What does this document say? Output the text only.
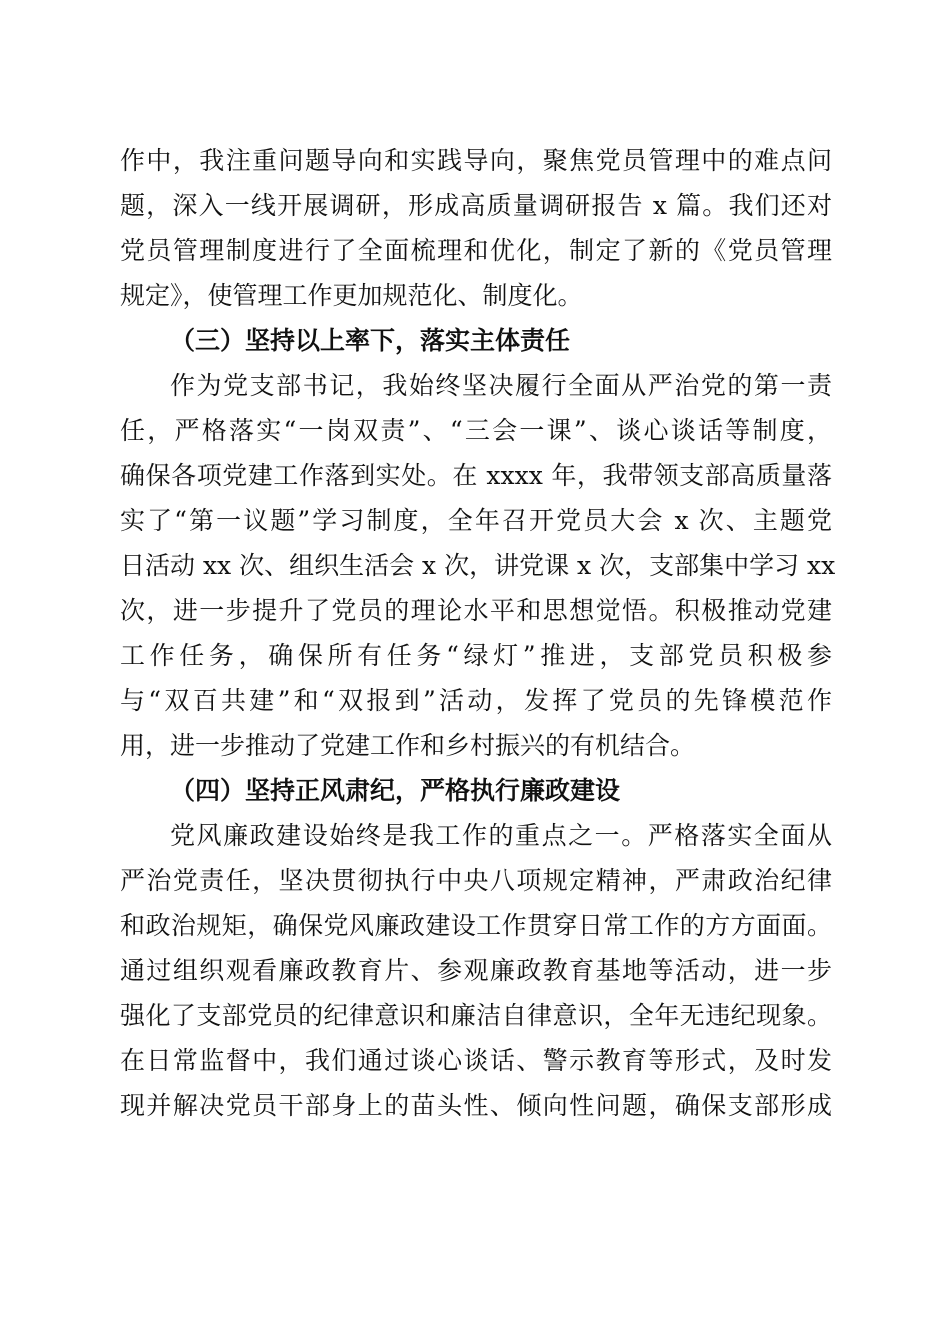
作中，我注重问题导向和实践导向，聚焦党员管理中的难点问
题，深入一线开展调研，形成高质量调研报告 x 篇。我们还对
党员管理制度进行了全面梳理和优化，制定了新的《党员管理
规定》，使管理工作更加规范化、制度化。
（三）坚持以上率下，落实主体责任
作为党支部书记，我始终坚决履行全面从严治党的第一责
任，严格落实“一岗双责”、“三会一课”、谈心谈话等制度，
确保各项党建工作落到实处。在 xxxx 年，我带领支部高质量落
实了“第一议题”学习制度，全年召开党员大会 x 次、主题党
日活动 xx 次、组织生活会 x 次，讲党课 x 次，支部集中学习 xx
次，进一步提升了党员的理论水平和思想觉悟。积极推动党建
工作任务，确保所有任务“绿灯”推进，支部党员积极参
与“双百共建”和“双报到”活动，发挥了党员的先锋模范作
用，进一步推动了党建工作和乡村振兴的有机结合。
（四）坚持正风肃纪，严格执行廉政建设
党风廉政建设始终是我工作的重点之一。严格落实全面从
严治党责任，坚决贯彻执行中央八项规定精神，严肃政治纪律
和政治规矩，确保党风廉政建设工作贯穿日常工作的方方面面。
通过组织观看廉政教育片、参观廉政教育基地等活动，进一步
强化了支部党员的纪律意识和廉洁自律意识，全年无违纪现象。
在日常监督中，我们通过谈心谈话、警示教育等形式，及时发
现并解决党员干部身上的苗头性、倾向性问题，确保支部形成
